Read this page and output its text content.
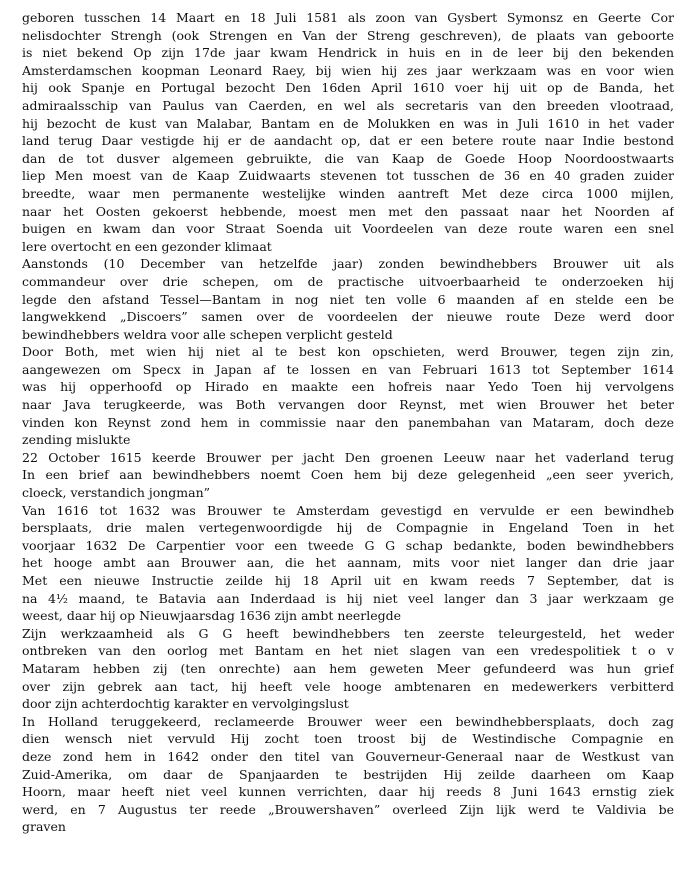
geboren tusschen 14 Maart en 18 Juli 1581 als zoon van Gysbert Symonsz en Geerte Cor
nelisdochter Strengh (ook Strengen en Van der Streng geschreven), de plaats van geboorte
is niet bekend Op zijn 17de jaar kwam Hendrick in huis en in de leer bij den bekenden
Amsterdamschen koopman Leonard Raey, bij wien hij zes jaar werkzaam was en voor wien
hij ook Spanje en Portugal bezocht Den 16den April 1610 voer hij uit op de Banda, het
admiraalsschip van Paulus van Caerden, en wel als secretaris van den breeden vlootraad,
hij bezocht de kust van Malabar, Bantam en de Molukken en was in Juli 1610 in het vader
land terug Daar vestigde hij er de aandacht op, dat er een betere route naar Indie bestond
dan de tot dusver algemeen gebruikte, die van Kaap de Goede Hoop Noordoostwaarts
liep Men moest van de Kaap Zuidwaarts stevenen tot tusschen de 36 en 40 graden zuider
breedte, waar men permanente westelijke winden aantreft Met deze circa 1000 mijlen,
naar het Oosten gekoerst hebbende, moest men met den passaat naar het Noorden af
buigen en kwam dan voor Straat Soenda uit Voordeelen van deze route waren een snel
lere overtocht en een gezonder klimaat
Aanstonds (10 December van hetzelfde jaar) zonden bewindhebbers Brouwer uit als
commandeur over drie schepen, om de practische uitvoerbaarheid te onderzoeken hij
legde den afstand Tessel—Bantam in nog niet ten volle 6 maanden af en stelde een be
langwekkend „Discoers” samen over de voordeelen der nieuwe route Deze werd door
bewindhebbers weldra voor alle schepen verplicht gesteld
Door Both, met wien hij niet al te best kon opschieten, werd Brouwer, tegen zijn zin,
aangewezen om Specx in Japan af te lossen en van Februari 1613 tot September 1614
was hij opperhoofd op Hirado en maakte een hofreis naar Yedo Toen hij vervolgens
naar Java terugkeerde, was Both vervangen door Reynst, met wien Brouwer het beter
vinden kon Reynst zond hem in commissie naar den panembahan van Mataram, doch deze
zending mislukte
22 October 1615 keerde Brouwer per jacht Den groenen Leeuw naar het vaderland terug
In een brief aan bewindhebbers noemt Coen hem bij deze gelegenheid „een seer yverich,
cloeck, verstandich jongman”
Van 1616 tot 1632 was Brouwer te Amsterdam gevestigd en vervulde er een bewindheb
bersplaats, drie malen vertegenwoordigde hij de Compagnie in Engeland Toen in het
voorjaar 1632 De Carpentier voor een tweede G G schap bedankte, boden bewindhebbers
het hooge ambt aan Brouwer aan, die het aannam, mits voor niet langer dan drie jaar
Met een nieuwe Instructie zeilde hij 18 April uit en kwam reeds 7 September, dat is
na 4½ maand, te Batavia aan Inderdaad is hij niet veel langer dan 3 jaar werkzaam ge
weest, daar hij op Nieuwjaarsdag 1636 zijn ambt neerlegde
Zijn werkzaamheid als G G heeft bewindhebbers ten zeerste teleurgesteld, het weder
ontbreken van den oorlog met Bantam en het niet slagen van een vredespolitiek t o v
Mataram hebben zij (ten onrechte) aan hem geweten Meer gefundeerd was hun grief
over zijn gebrek aan tact, hij heeft vele hooge ambtenaren en medewerkers verbitterd
door zijn achterdochtig karakter en vervolgingslust
In Holland teruggekeerd, reclameerde Brouwer weer een bewindhebbersplaats, doch zag
dien wensch niet vervuld Hij zocht toen troost bij de Westindische Compagnie en
deze zond hem in 1642 onder den titel van Gouverneur-Generaal naar de Westkust van
Zuid-Amerika, om daar de Spanjaarden te bestrijden Hij zeilde daarheen om Kaap
Hoorn, maar heeft niet veel kunnen verrichten, daar hij reeds 8 Juni 1643 ernstig ziek
werd, en 7 Augustus ter reede „Brouwershaven” overleed Zijn lijk werd te Valdivia be
graven
